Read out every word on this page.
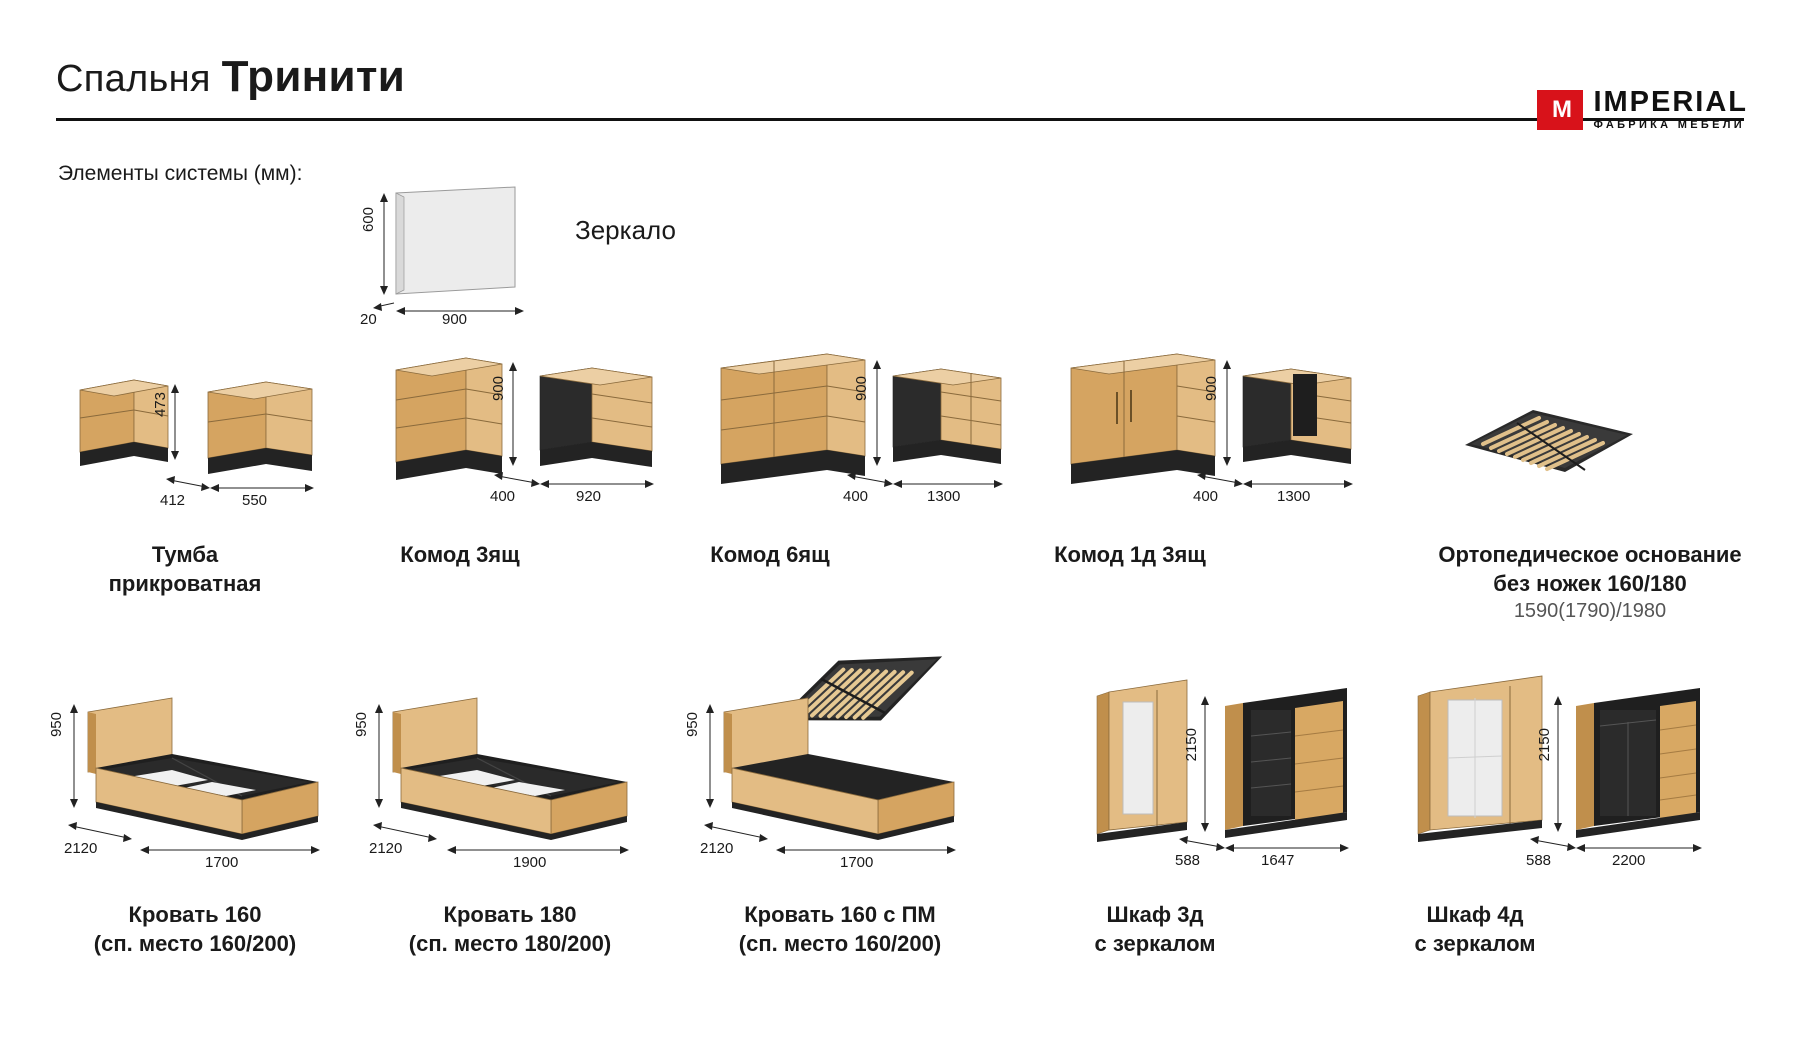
Спальня Тринити
M IMPERIAL
ФАБРИКА МЕБЕЛИ
Элементы системы (мм):
600
20	900
Зеркало
473
412	550
Тумба
прикроватная
900
400	920
Комод 3ящ
900
400	1300
Комод 6ящ
900
400	1300
Комод 1д 3ящ	Ортопедическое основание
без ножек 160/180
1590(1790)/1980
950
2120
1700
Кровать 160
(сп. место 160/200)
950
2120
1900
Кровать 180
(сп. место 180/200)
950
2120
1700
Кровать 160 с ПМ
(сп. место 160/200)
2150
588	1647
Шкаф 3д
с зеркалом
2150
588	2200
Шкаф 4д
с зеркалом
